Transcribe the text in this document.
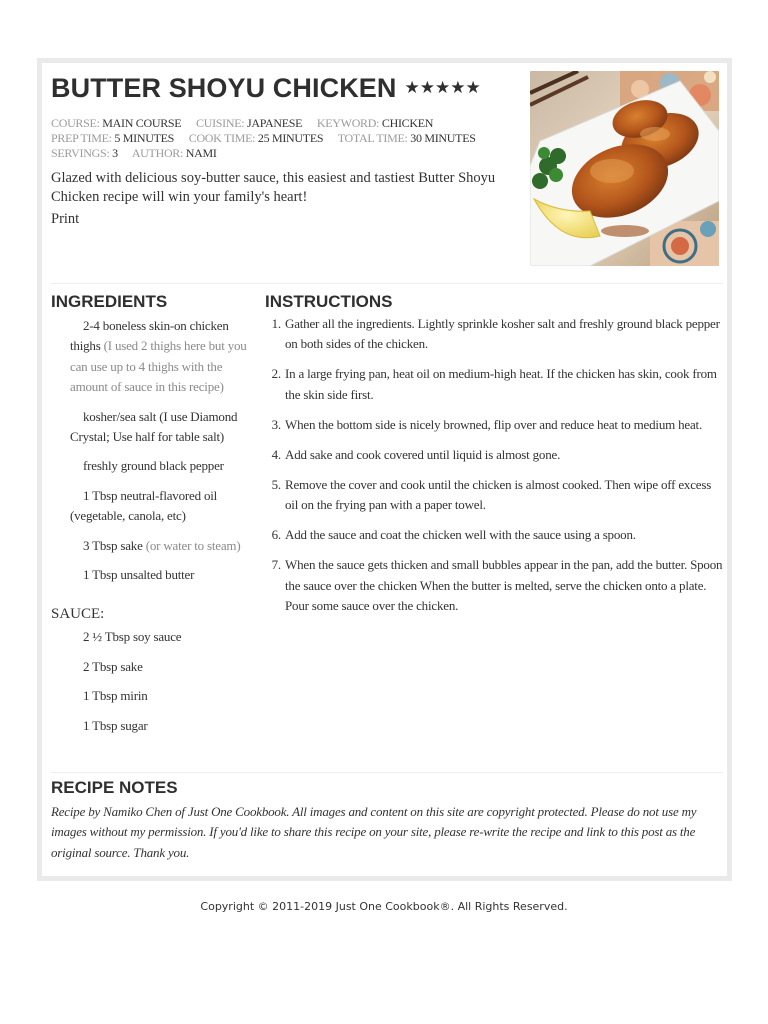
BUTTER SHOYU CHICKEN ★★★★★
COURSE: MAIN COURSE CUISINE: JAPANESE KEYWORD: CHICKEN
PREP TIME: 5 MINUTES COOK TIME: 25 MINUTES TOTAL TIME: 30 MINUTES
SERVINGS: 3 AUTHOR: NAMI
Glazed with delicious soy-butter sauce, this easiest and tastiest Butter Shoyu Chicken recipe will win your family's heart!
Print
INGREDIENTS
2-4 boneless skin-on chicken thighs (I used 2 thighs here but you can use up to 4 thighs with the amount of sauce in this recipe)
kosher/sea salt (I use Diamond Crystal; Use half for table salt)
freshly ground black pepper
1 Tbsp neutral-flavored oil (vegetable, canola, etc)
3 Tbsp sake (or water to steam)
1 Tbsp unsalted butter
SAUCE:
2 ½ Tbsp soy sauce
2 Tbsp sake
1 Tbsp mirin
1 Tbsp sugar
INSTRUCTIONS
1. Gather all the ingredients. Lightly sprinkle kosher salt and freshly ground black pepper on both sides of the chicken.
2. In a large frying pan, heat oil on medium-high heat. If the chicken has skin, cook from the skin side first.
3. When the bottom side is nicely browned, flip over and reduce heat to medium heat.
4. Add sake and cook covered until liquid is almost gone.
5. Remove the cover and cook until the chicken is almost cooked. Then wipe off excess oil on the frying pan with a paper towel.
6. Add the sauce and coat the chicken well with the sauce using a spoon.
7. When the sauce gets thicken and small bubbles appear in the pan, add the butter. Spoon the sauce over the chicken When the butter is melted, serve the chicken onto a plate. Pour some sauce over the chicken.
RECIPE NOTES

Recipe by Namiko Chen of Just One Cookbook. All images and content on this site are copyright protected. Please do not use my images without my permission. If you'd like to share this recipe on your site, please re-write the recipe and link to this post as the original source. Thank you.

Copyright © 2011-2019 Just One Cookbook®. All Rights Reserved.
